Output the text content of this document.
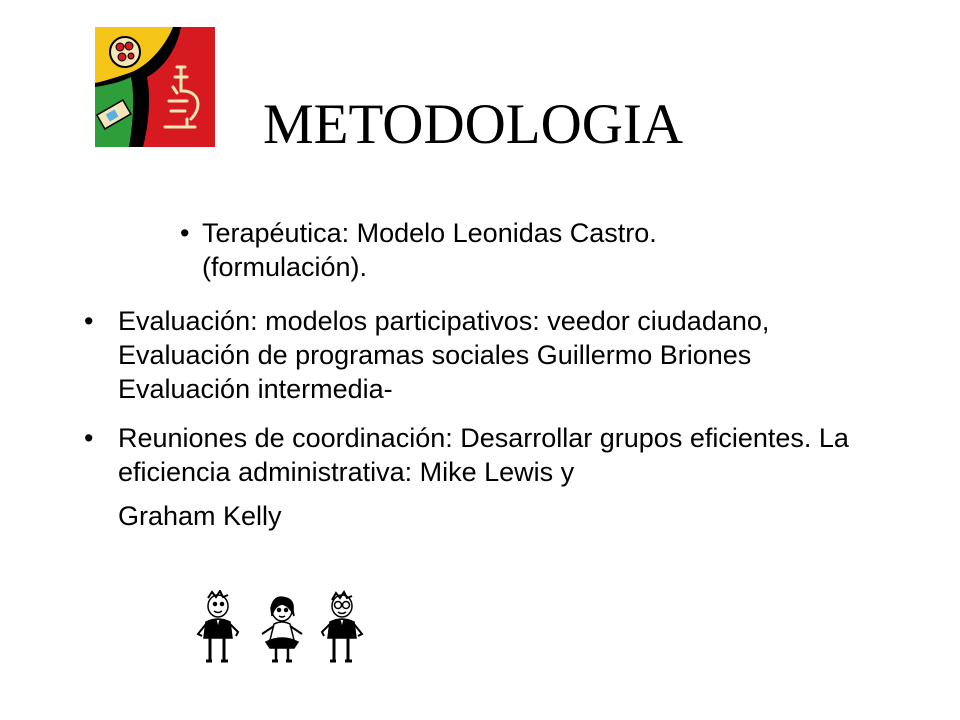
METODOLOGIA
• Terapéutica: Modelo Leonidas Castro.(formulación).
• Evaluación: modelos participativos: veedor ciudadano, Evaluación de programas sociales Guillermo Briones Evaluación intermedia-
• Reuniones de coordinación: Desarrollar grupos eficientes. La eficiencia administrativa: Mike Lewis y
Graham Kelly
